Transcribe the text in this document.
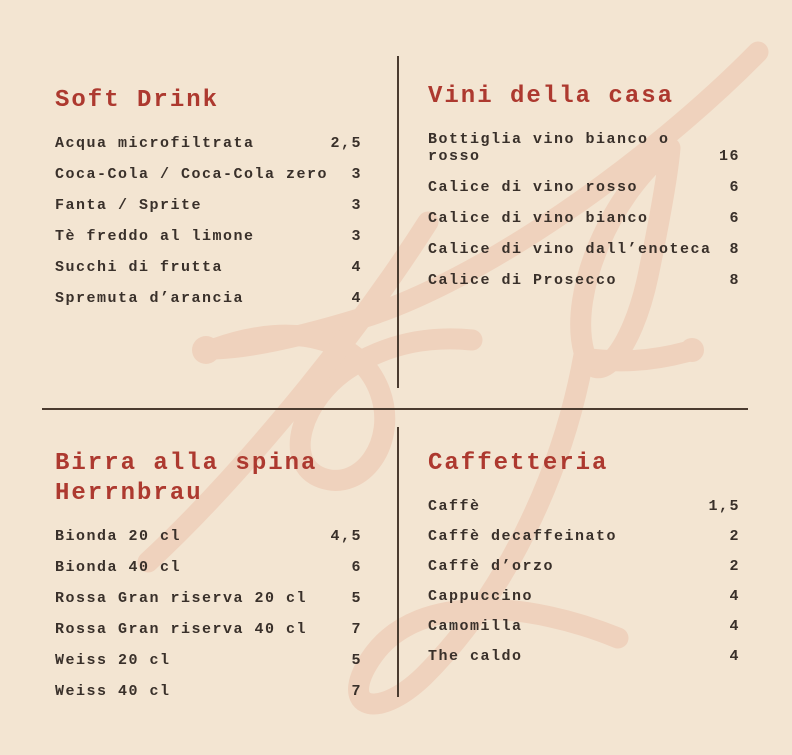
Soft Drink
Acqua microfiltrata	2,5
Coca-Cola / Coca-Cola zero	3
Fanta / Sprite	3
Tè freddo al limone	3
Succhi di frutta	4
Spremuta d’arancia	4
Vini della casa
Bottiglia vino bianco o rosso	16
Calice di vino rosso	6
Calice di vino bianco	6
Calice di vino dall’enoteca	8
Calice di Prosecco	8
Birra alla spina Herrnbrau
Bionda 20 cl	4,5
Bionda 40 cl	6
Rossa Gran riserva 20 cl	5
Rossa Gran riserva 40 cl	7
Weiss 20 cl	5
Weiss 40 cl	7
Caffetteria
Caffè	1,5
Caffè decaffeinato	2
Caffè d’orzo	2
Cappuccino	4
Camomilla	4
The caldo	4
